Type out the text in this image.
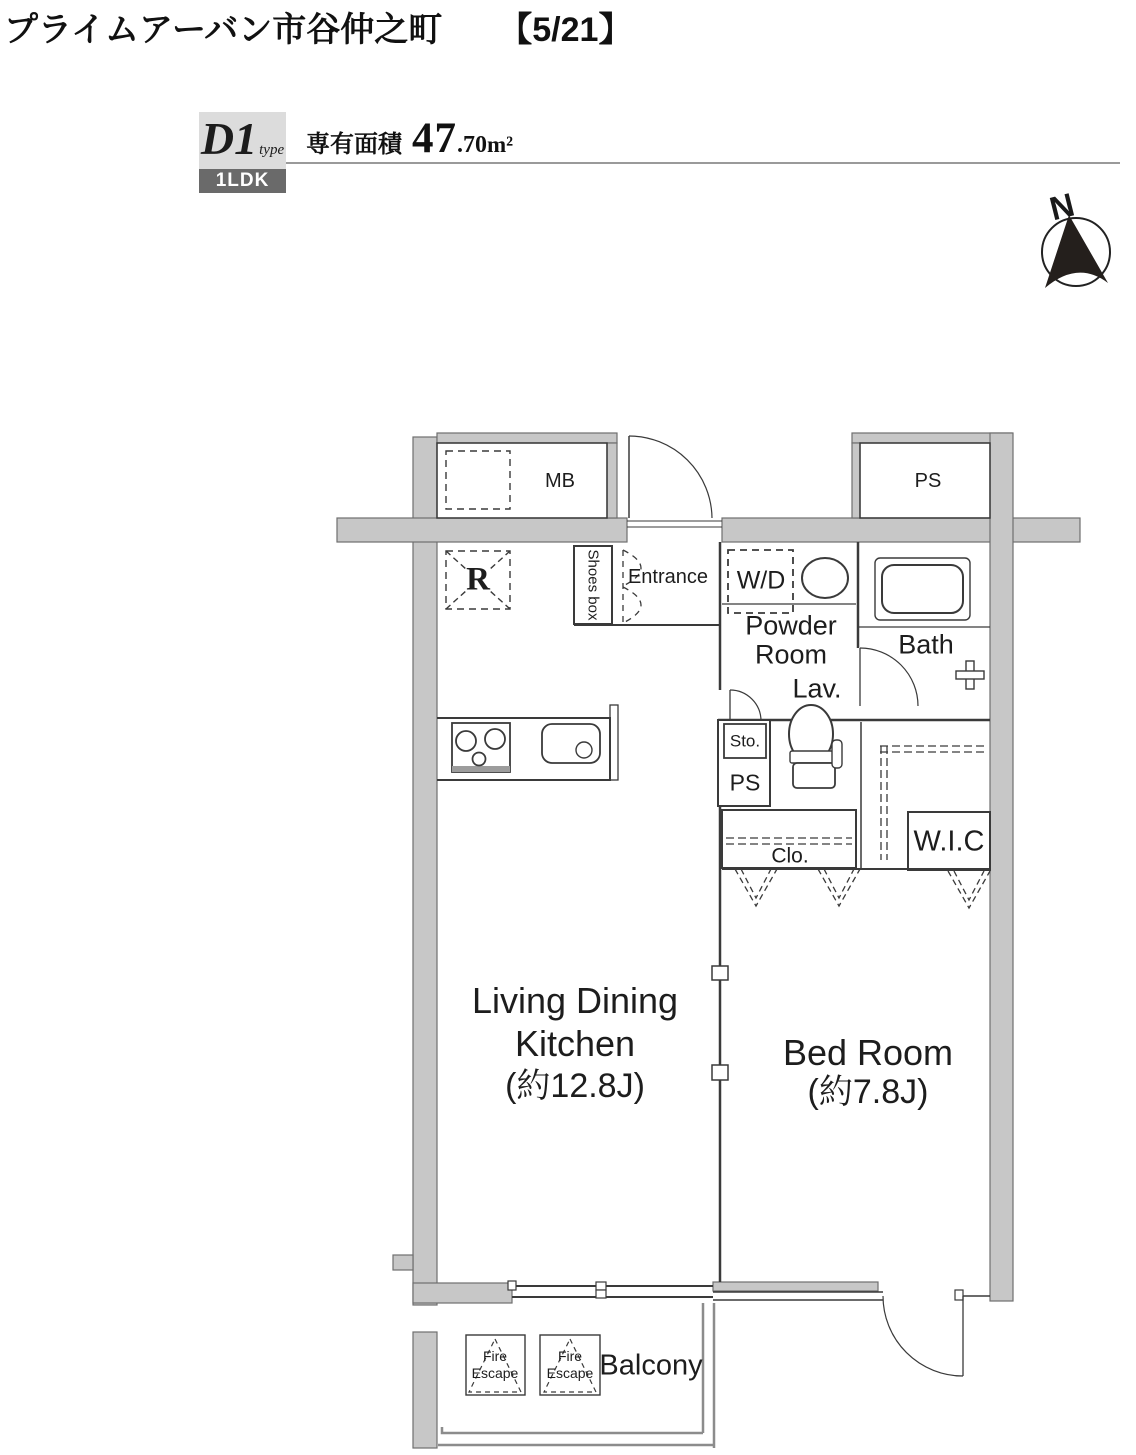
プライムアーバン市谷仲之町 【5/21】
D1 type
1LDK
専有面積 47 .70 m²
MB	PS
Shoes box Entrance W/D
Powder
Room
Lav.
Bath
Sto.
PS
Clo.	W.I.C
R
Living Dining
Kitchen
(約12.8J)
Bed Room
(約7.8J)
Balcony
Fire
Escape
Fire
Escape
N
